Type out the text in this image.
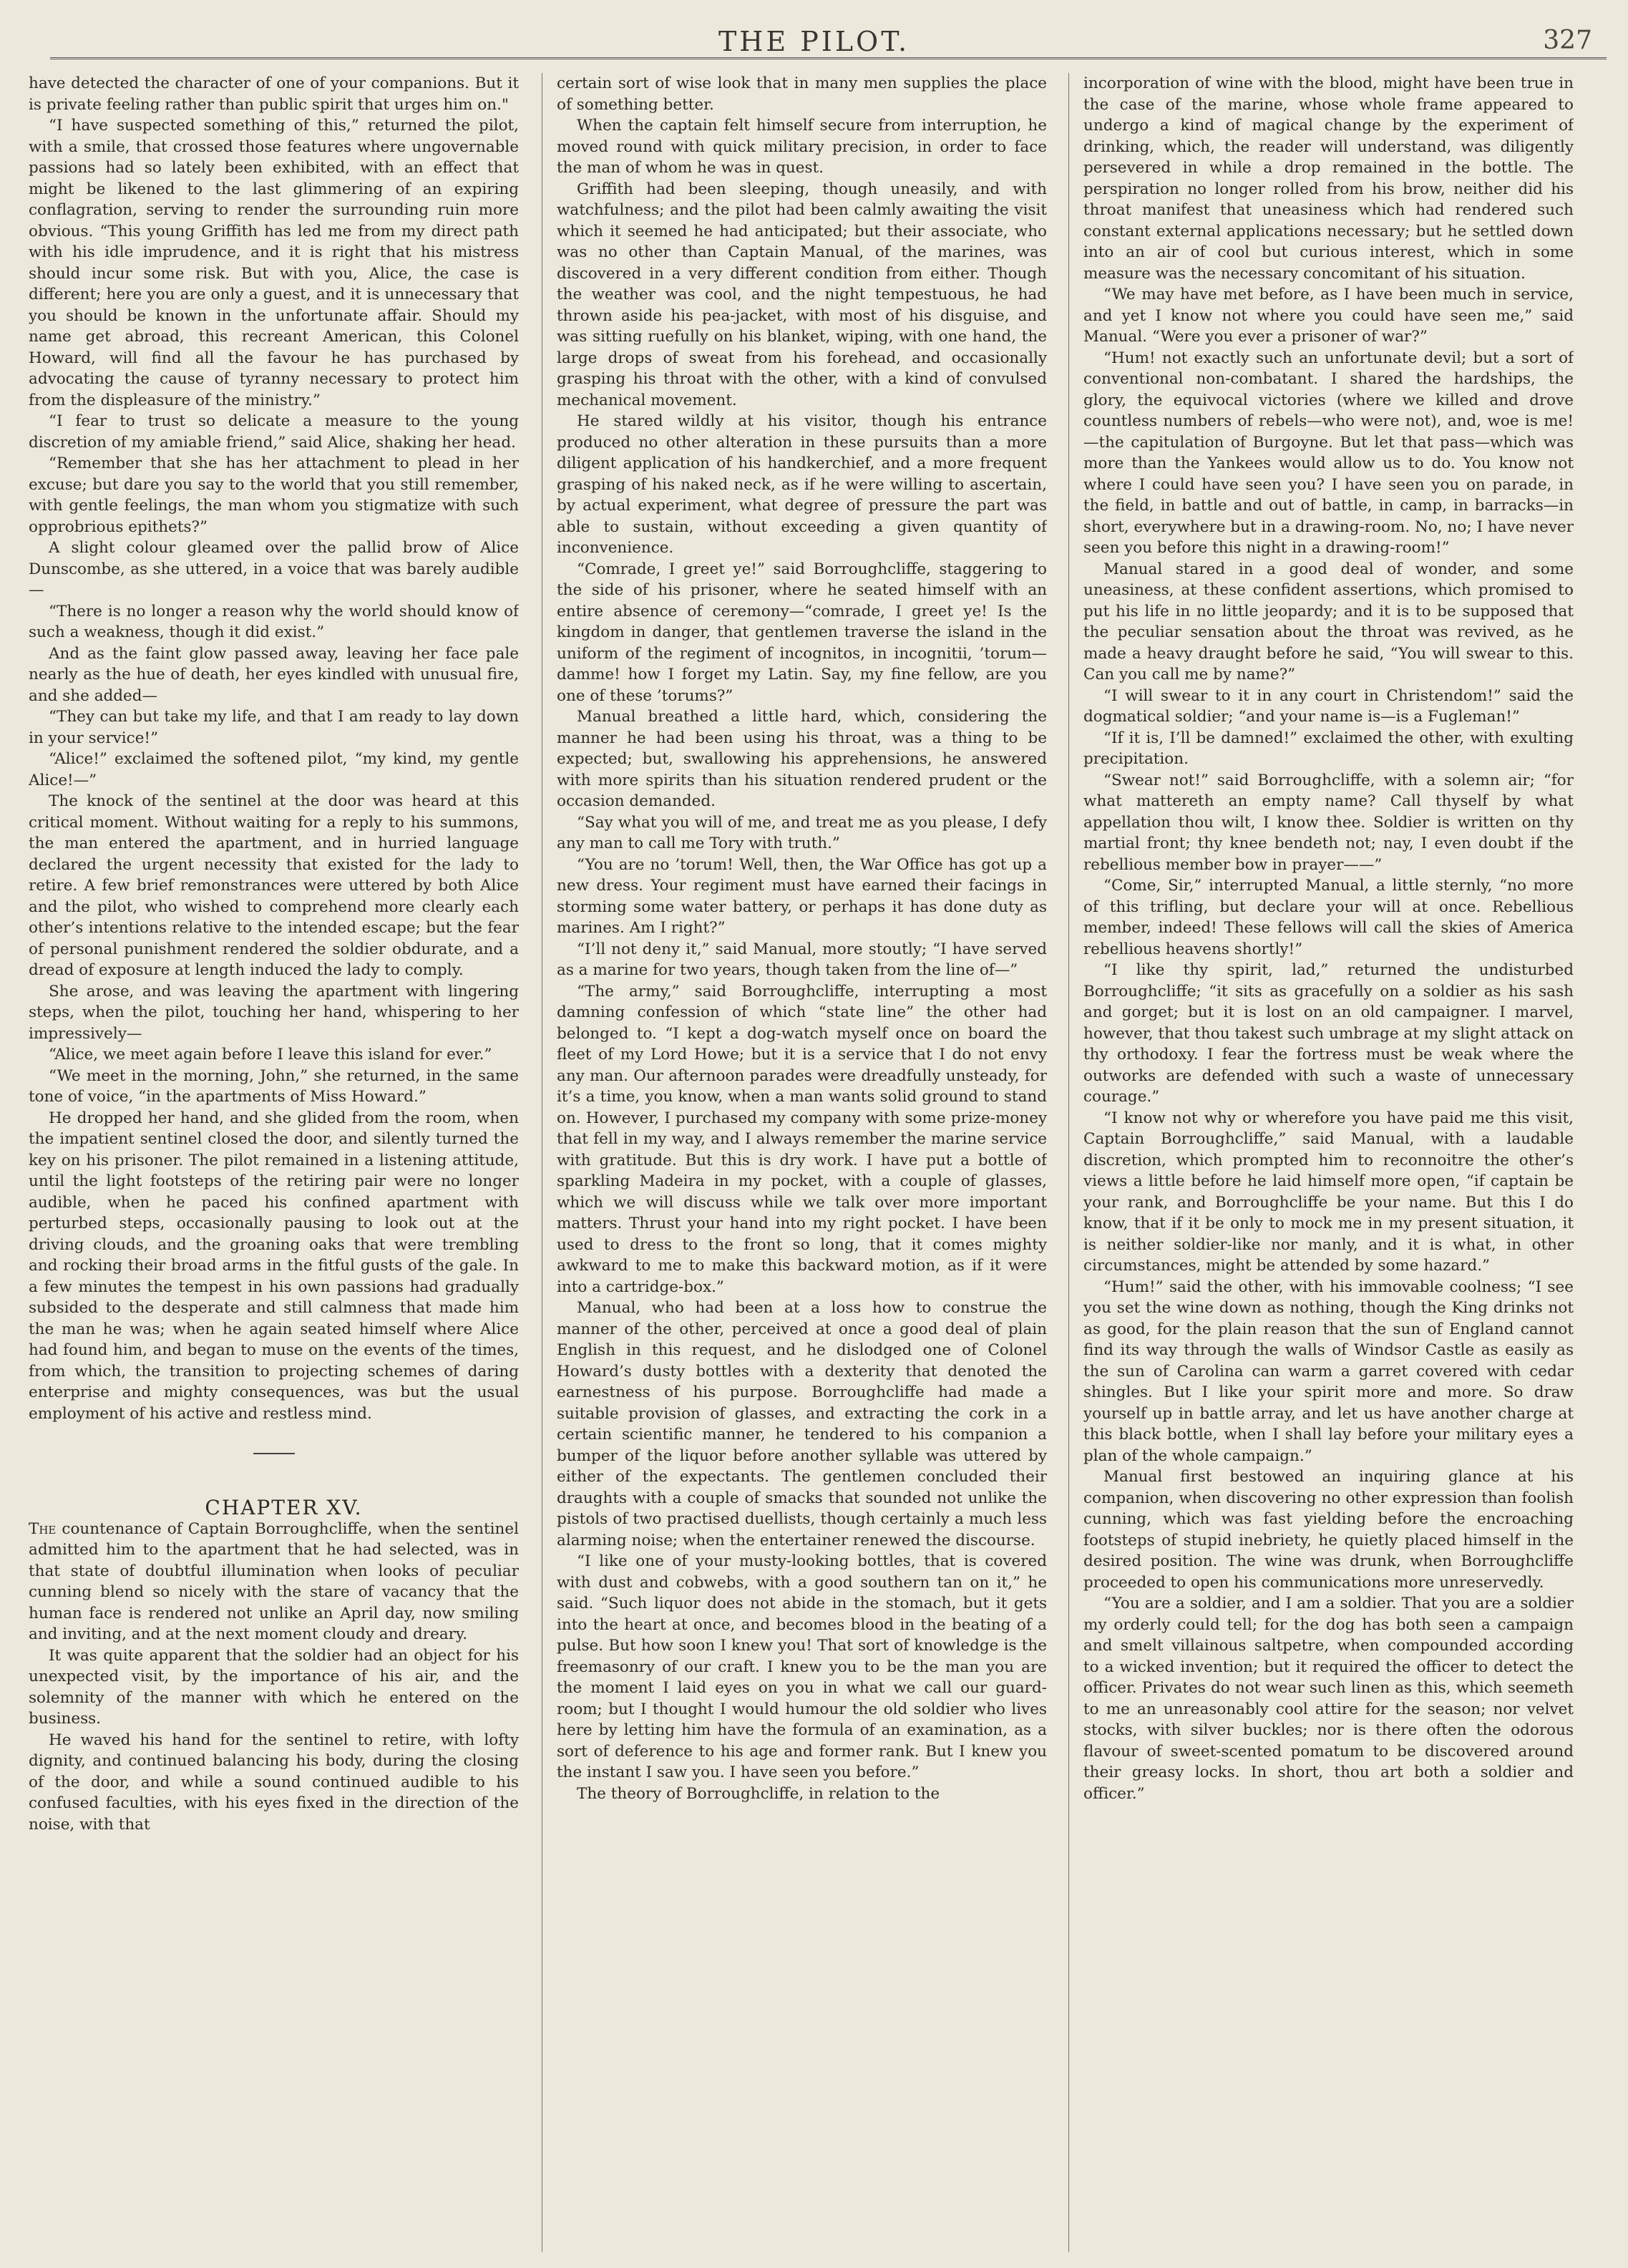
THE PILOT.	327

have detected the character of one of your companions. But it is private feeling rather than public spirit that urges him on."

“I have suspected something of this,” returned the pilot, with a smile, that crossed those features where ungovernable passions had so lately been exhibited, with an effect that might be likened to the last glimmering of an expiring conflagration, serving to render the surrounding ruin more obvious. “This young Griffith has led me from my direct path with his idle imprudence, and it is right that his mistress should incur some risk. But with you, Alice, the case is different; here you are only a guest, and it is unnecessary that you should be known in the unfortunate affair. Should my name get abroad, this recreant American, this Colonel Howard, will find all the favour he has purchased by advocating the cause of tyranny necessary to protect him from the displeasure of the ministry.”

“I fear to trust so delicate a measure to the young discretion of my amiable friend,” said Alice, shaking her head.

“Remember that she has her attachment to plead in her excuse; but dare you say to the world that you still remember, with gentle feelings, the man whom you stigmatize with such opprobrious epithets?”

A slight colour gleamed over the pallid brow of Alice Dunscombe, as she uttered, in a voice that was barely audible—

“There is no longer a reason why the world should know of such a weakness, though it did exist.”

And as the faint glow passed away, leaving her face pale nearly as the hue of death, her eyes kindled with unusual fire, and she added—

“They can but take my life, and that I am ready to lay down in your service!”

“Alice!” exclaimed the softened pilot, “my kind, my gentle Alice!—”

The knock of the sentinel at the door was heard at this critical moment. Without waiting for a reply to his summons, the man entered the apartment, and in hurried language declared the urgent necessity that existed for the lady to retire. A few brief remonstrances were uttered by both Alice and the pilot, who wished to comprehend more clearly each other’s intentions relative to the intended escape; but the fear of personal punishment rendered the soldier obdurate, and a dread of exposure at length induced the lady to comply.

She arose, and was leaving the apartment with lingering steps, when the pilot, touching her hand, whispering to her impressively—

“Alice, we meet again before I leave this island for ever.”

“We meet in the morning, John,” she returned, in the same tone of voice, “in the apartments of Miss Howard.”

He dropped her hand, and she glided from the room, when the impatient sentinel closed the door, and silently turned the key on his prisoner. The pilot remained in a listening attitude, until the light footsteps of the retiring pair were no longer audible, when he paced his confined apartment with perturbed steps, occasionally pausing to look out at the driving clouds, and the groaning oaks that were trembling and rocking their broad arms in the fitful gusts of the gale. In a few minutes the tempest in his own passions had gradually subsided to the desperate and still calmness that made him the man he was; when he again seated himself where Alice had found him, and began to muse on the events of the times, from which, the transition to projecting schemes of daring enterprise and mighty consequences, was but the usual employment of his active and restless mind.

CHAPTER XV.

The countenance of Captain Borroughcliffe, when the sentinel admitted him to the apartment that he had selected, was in that state of doubtful illumination when looks of peculiar cunning blend so nicely with the stare of vacancy that the human face is rendered not unlike an April day, now smiling and inviting, and at the next moment cloudy and dreary.

It was quite apparent that the soldier had an object for his unexpected visit, by the importance of his air, and the solemnity of the manner with which he entered on the business.

He waved his hand for the sentinel to retire, with lofty dignity, and continued balancing his body, during the closing of the door, and while a sound continued audible to his confused faculties, with his eyes fixed in the direction of the noise, with that

certain sort of wise look that in many men supplies the place of something better.

When the captain felt himself secure from interruption, he moved round with quick military precision, in order to face the man of whom he was in quest.

Griffith had been sleeping, though uneasily, and with watchfulness; and the pilot had been calmly awaiting the visit which it seemed he had anticipated; but their associate, who was no other than Captain Manual, of the marines, was discovered in a very different condition from either. Though the weather was cool, and the night tempestuous, he had thrown aside his pea-jacket, with most of his disguise, and was sitting ruefully on his blanket, wiping, with one hand, the large drops of sweat from his forehead, and occasionally grasping his throat with the other, with a kind of convulsed mechanical movement.

He stared wildly at his visitor, though his entrance produced no other alteration in these pursuits than a more diligent application of his handkerchief, and a more frequent grasping of his naked neck, as if he were willing to ascertain, by actual experiment, what degree of pressure the part was able to sustain, without exceeding a given quantity of inconvenience.

“Comrade, I greet ye!” said Borroughcliffe, staggering to the side of his prisoner, where he seated himself with an entire absence of ceremony—“comrade, I greet ye! Is the kingdom in danger, that gentlemen traverse the island in the uniform of the regiment of incognitos, in incognitii, ’torum—damme! how I forget my Latin. Say, my fine fellow, are you one of these ’torums?”

Manual breathed a little hard, which, considering the manner he had been using his throat, was a thing to be expected; but, swallowing his apprehensions, he answered with more spirits than his situation rendered prudent or the occasion demanded.

“Say what you will of me, and treat me as you please, I defy any man to call me Tory with truth.”

“You are no ’torum! Well, then, the War Office has got up a new dress. Your regiment must have earned their facings in storming some water battery, or perhaps it has done duty as marines. Am I right?”

“I’ll not deny it,” said Manual, more stoutly; “I have served as a marine for two years, though taken from the line of—”

“The army,” said Borroughcliffe, interrupting a most damning confession of which “state line” the other had belonged to. “I kept a dog-watch myself once on board the fleet of my Lord Howe; but it is a service that I do not envy any man. Our afternoon parades were dreadfully unsteady, for it’s a time, you know, when a man wants solid ground to stand on. However, I purchased my company with some prize-money that fell in my way, and I always remember the marine service with gratitude. But this is dry work. I have put a bottle of sparkling Madeira in my pocket, with a couple of glasses, which we will discuss while we talk over more important matters. Thrust your hand into my right pocket. I have been used to dress to the front so long, that it comes mighty awkward to me to make this backward motion, as if it were into a cartridge-box.”

Manual, who had been at a loss how to construe the manner of the other, perceived at once a good deal of plain English in this request, and he dislodged one of Colonel Howard’s dusty bottles with a dexterity that denoted the earnestness of his purpose. Borroughcliffe had made a suitable provision of glasses, and extracting the cork in a certain scientific manner, he tendered to his companion a bumper of the liquor before another syllable was uttered by either of the expectants. The gentlemen concluded their draughts with a couple of smacks that sounded not unlike the pistols of two practised duellists, though certainly a much less alarming noise; when the entertainer renewed the discourse.

“I like one of your musty-looking bottles, that is covered with dust and cobwebs, with a good southern tan on it,” he said. “Such liquor does not abide in the stomach, but it gets into the heart at once, and becomes blood in the beating of a pulse. But how soon I knew you! That sort of knowledge is the freemasonry of our craft. I knew you to be the man you are the moment I laid eyes on you in what we call our guard-room; but I thought I would humour the old soldier who lives here by letting him have the formula of an examination, as a sort of deference to his age and former rank. But I knew you the instant I saw you. I have seen you before.”

The theory of Borroughcliffe, in relation to the

incorporation of wine with the blood, might have been true in the case of the marine, whose whole frame appeared to undergo a kind of magical change by the experiment of drinking, which, the reader will understand, was diligently persevered in while a drop remained in the bottle. The perspiration no longer rolled from his brow, neither did his throat manifest that uneasiness which had rendered such constant external applications necessary; but he settled down into an air of cool but curious interest, which in some measure was the necessary concomitant of his situation.

“We may have met before, as I have been much in service, and yet I know not where you could have seen me,” said Manual. “Were you ever a prisoner of war?”

“Hum! not exactly such an unfortunate devil; but a sort of conventional non-combatant. I shared the hardships, the glory, the equivocal victories (where we killed and drove countless numbers of rebels—who were not), and, woe is me!—the capitulation of Burgoyne. But let that pass—which was more than the Yankees would allow us to do. You know not where I could have seen you? I have seen you on parade, in the field, in battle and out of battle, in camp, in barracks—in short, everywhere but in a drawing-room. No, no; I have never seen you before this night in a drawing-room!”

Manual stared in a good deal of wonder, and some uneasiness, at these confident assertions, which promised to put his life in no little jeopardy; and it is to be supposed that the peculiar sensation about the throat was revived, as he made a heavy draught before he said, “You will swear to this. Can you call me by name?”

“I will swear to it in any court in Christendom!” said the dogmatical soldier; “and your name is—is a Fugleman!”

“If it is, I’ll be damned!” exclaimed the other, with exulting precipitation.

“Swear not!” said Borroughcliffe, with a solemn air; “for what mattereth an empty name? Call thyself by what appellation thou wilt, I know thee. Soldier is written on thy martial front; thy knee bendeth not; nay, I even doubt if the rebellious member bow in prayer——”

“Come, Sir,” interrupted Manual, a little sternly, “no more of this trifling, but declare your will at once. Rebellious member, indeed! These fellows will call the skies of America rebellious heavens shortly!”

“I like thy spirit, lad,” returned the undisturbed Borroughcliffe; “it sits as gracefully on a soldier as his sash and gorget; but it is lost on an old campaigner. I marvel, however, that thou takest such umbrage at my slight attack on thy orthodoxy. I fear the fortress must be weak where the outworks are defended with such a waste of unnecessary courage.”

“I know not why or wherefore you have paid me this visit, Captain Borroughcliffe,” said Manual, with a laudable discretion, which prompted him to reconnoitre the other’s views a little before he laid himself more open, “if captain be your rank, and Borroughcliffe be your name. But this I do know, that if it be only to mock me in my present situation, it is neither soldier-like nor manly, and it is what, in other circumstances, might be attended by some hazard.”

“Hum!” said the other, with his immovable coolness; “I see you set the wine down as nothing, though the King drinks not as good, for the plain reason that the sun of England cannot find its way through the walls of Windsor Castle as easily as the sun of Carolina can warm a garret covered with cedar shingles. But I like your spirit more and more. So draw yourself up in battle array, and let us have another charge at this black bottle, when I shall lay before your military eyes a plan of the whole campaign.”

Manual first bestowed an inquiring glance at his companion, when discovering no other expression than foolish cunning, which was fast yielding before the encroaching footsteps of stupid inebriety, he quietly placed himself in the desired position. The wine was drunk, when Borroughcliffe proceeded to open his communications more unreservedly.

“You are a soldier, and I am a soldier. That you are a soldier my orderly could tell; for the dog has both seen a campaign and smelt villainous saltpetre, when compounded according to a wicked invention; but it required the officer to detect the officer. Privates do not wear such linen as this, which seemeth to me an unreasonably cool attire for the season; nor velvet stocks, with silver buckles; nor is there often the odorous flavour of sweet-scented pomatum to be discovered around their greasy locks. In short, thou art both a soldier and officer.”
